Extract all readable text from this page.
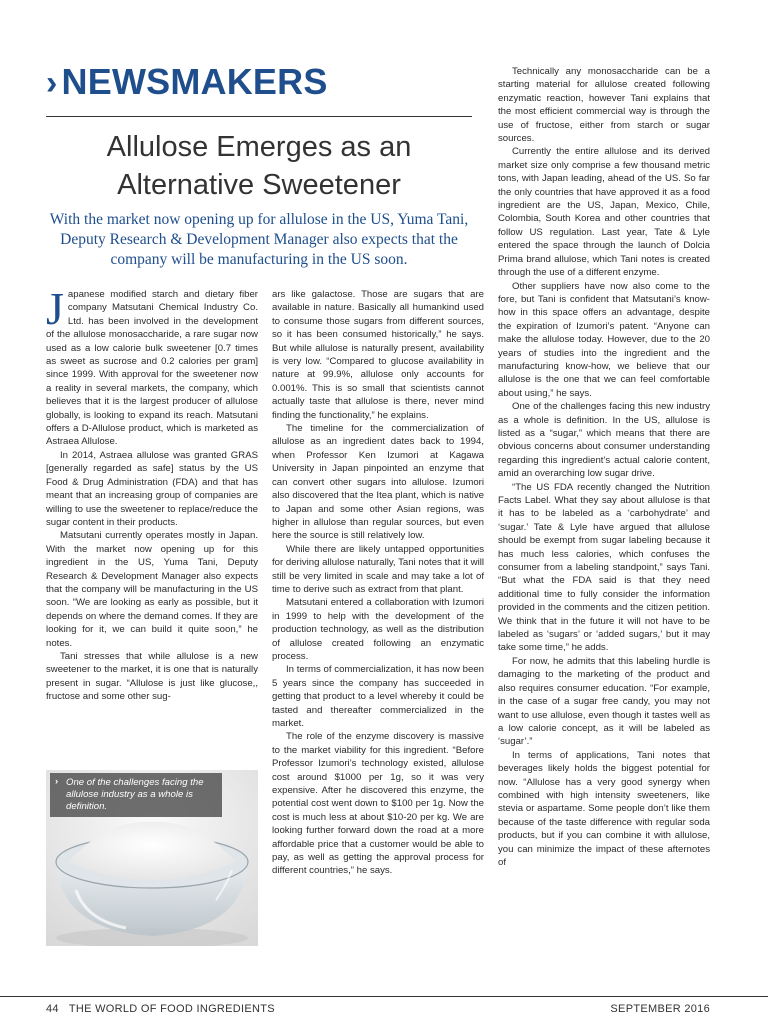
› NEWSMAKERS
Allulose Emerges as an Alternative Sweetener
With the market now opening up for allulose in the US, Yuma Tani, Deputy Research & Development Manager also expects that the company will be manufacturing in the US soon.

Japanese modified starch and dietary fiber company Matsutani Chemical Industry Co. Ltd. has been involved in the development of the allulose monosaccharide, a rare sugar now used as a low calorie bulk sweetener [0.7 times as sweet as sucrose and 0.2 calories per gram] since 1999. With approval for the sweetener now a reality in several markets, the company, which believes that it is the largest producer of allulose globally, is looking to expand its reach. Matsutani offers a D-Allulose product, which is marketed as Astraea Allulose.

In 2014, Astraea allulose was granted GRAS [generally regarded as safe] status by the US Food & Drug Administration (FDA) and that has meant that an increasing group of companies are willing to use the sweetener to replace/reduce the sugar content in their products.

Matsutani currently operates mostly in Japan. With the market now opening up for this ingredient in the US, Yuma Tani, Deputy Research & Development Manager also expects that the company will be manufacturing in the US soon. “We are looking as early as possible, but it depends on where the demand comes. If they are looking for it, we can build it quite soon,” he notes.

Tani stresses that while allulose is a new sweetener to the market, it is one that is naturally present in sugar. “Allulose is just like glucose,, fructose and some other sug-

› One of the challenges facing the allulose industry as a whole is definition.

ars like galactose. Those are sugars that are available in nature. Basically all humankind used to consume those sugars from different sources, so it has been consumed historically,” he says. But while allulose is naturally present, availability is very low. “Compared to glucose availability in nature at 99.9%, allulose only accounts for 0.001%. This is so small that scientists cannot actually taste that allulose is there, never mind finding the functionality,” he explains.

The timeline for the commercialization of allulose as an ingredient dates back to 1994, when Professor Ken Izumori at Kagawa University in Japan pinpointed an enzyme that can convert other sugars into allulose. Izumori also discovered that the Itea plant, which is native to Japan and some other Asian regions, was higher in allulose than regular sources, but even here the source is still relatively low.

While there are likely untapped opportunities for deriving allulose naturally, Tani notes that it will still be very limited in scale and may take a lot of time to derive such as extract from that plant.

Matsutani entered a collaboration with Izumori in 1999 to help with the development of the production technology, as well as the distribution of allulose created following an enzymatic process.

In terms of commercialization, it has now been 5 years since the company has succeeded in getting that product to a level whereby it could be tasted and thereafter commercialized in the market.

The role of the enzyme discovery is massive to the market viability for this ingredient. “Before Professor Izumori’s technology existed, allulose cost around $1000 per 1g, so it was very expensive. After he discovered this enzyme, the potential cost went down to $100 per 1g. Now the cost is much less at about $10-20 per kg. We are looking further forward down the road at a more affordable price that a customer would be able to pay, as well as getting the approval process for different countries,” he says.

Technically any monosaccharide can be a starting material for allulose created following enzymatic reaction, however Tani explains that the most efficient commercial way is through the use of fructose, either from starch or sugar sources.

Currently the entire allulose and its derived market size only comprise a few thousand metric tons, with Japan leading, ahead of the US. So far the only countries that have approved it as a food ingredient are the US, Japan, Mexico, Chile, Colombia, South Korea and other countries that follow US regulation. Last year, Tate & Lyle entered the space through the launch of Dolcia Prima brand allulose, which Tani notes is created through the use of a different enzyme.

Other suppliers have now also come to the fore, but Tani is confident that Matsutani’s know-how in this space offers an advantage, despite the expiration of Izumori’s patent. “Anyone can make the allulose today. However, due to the 20 years of studies into the ingredient and the manufacturing know-how, we believe that our allulose is the one that we can feel comfortable about using,” he says.

One of the challenges facing this new industry as a whole is definition. In the US, allulose is listed as a “sugar,” which means that there are obvious concerns about consumer understanding regarding this ingredient’s actual calorie content, amid an overarching low sugar drive.

“The US FDA recently changed the Nutrition Facts Label. What they say about allulose is that it has to be labeled as a ‘carbohydrate’ and ‘sugar.’ Tate & Lyle have argued that allulose should be exempt from sugar labeling because it has much less calories, which confuses the consumer from a labeling standpoint,” says Tani. “But what the FDA said is that they need additional time to fully consider the information provided in the comments and the citizen petition. We think that in the future it will not have to be labeled as ‘sugars’ or ‘added sugars,’ but it may take some time,” he adds.

For now, he admits that this labeling hurdle is damaging to the marketing of the product and also requires consumer education. “For example, in the case of a sugar free candy, you may not want to use allulose, even though it tastes well as a low calorie concept, as it will be labeled as ‘sugar’.”

In terms of applications, Tani notes that beverages likely holds the biggest potential for now. “Allulose has a very good synergy when combined with high intensity sweeteners, like stevia or aspartame. Some people don’t like them because of the taste difference with regular soda products, but if you can combine it with allulose, you can minimize the impact of these afternotes of

44 THE WORLD OF FOOD INGREDIENTS	SEPTEMBER 2016
